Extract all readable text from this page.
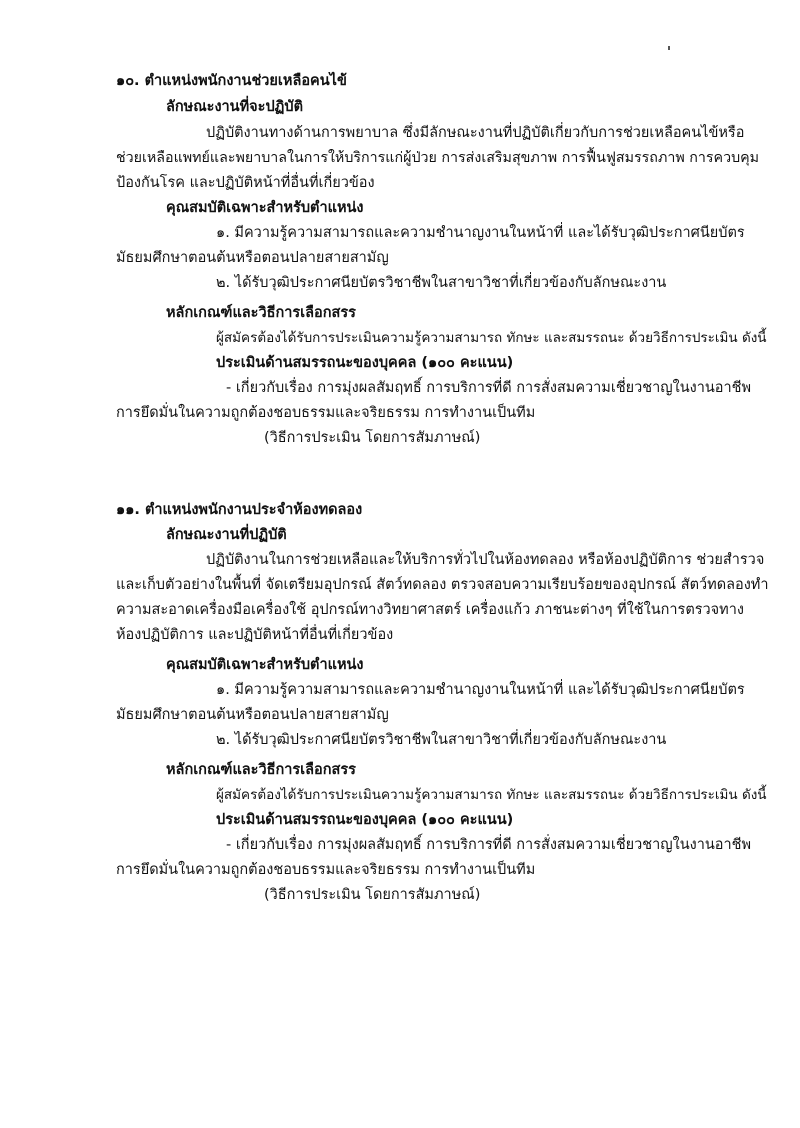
๑๐. ตำแหน่งพนักงานช่วยเหลือคนไข้
ลักษณะงานที่จะปฏิบัติ
ปฏิบัติงานทางด้านการพยาบาล ซึ่งมีลักษณะงานที่ปฏิบัติเกี่ยวกับการช่วยเหลือคนไข้หรือ
ช่วยเหลือแพทย์และพยาบาลในการให้บริการแก่ผู้ป่วย การส่งเสริมสุขภาพ การฟื้นฟูสมรรถภาพ การควบคุม
ป้องกันโรค และปฏิบัติหน้าที่อื่นที่เกี่ยวข้อง
คุณสมบัติเฉพาะสำหรับตำแหน่ง
๑. มีความรู้ความสามารถและความชำนาญงานในหน้าที่ และได้รับวุฒิประกาศนียบัตร
มัธยมศึกษาตอนต้นหรือตอนปลายสายสามัญ
๒. ได้รับวุฒิประกาศนียบัตรวิชาชีพในสาขาวิชาที่เกี่ยวข้องกับลักษณะงาน
หลักเกณฑ์และวิธีการเลือกสรร
ผู้สมัครต้องได้รับการประเมินความรู้ความสามารถ ทักษะ และสมรรถนะ ด้วยวิธีการประเมิน ดังนี้
ประเมินด้านสมรรถนะของบุคคล (๑๐๐ คะแนน)
- เกี่ยวกับเรื่อง การมุ่งผลสัมฤทธิ์ การบริการที่ดี การสั่งสมความเชี่ยวชาญในงานอาชีพ
การยึดมั่นในความถูกต้องชอบธรรมและจริยธรรม การทำงานเป็นทีม
(วิธีการประเมิน โดยการสัมภาษณ์)
๑๑. ตำแหน่งพนักงานประจำห้องทดลอง
ลักษณะงานที่ปฏิบัติ
ปฏิบัติงานในการช่วยเหลือและให้บริการทั่วไปในห้องทดลอง หรือห้องปฏิบัติการ ช่วยสำรวจ
และเก็บตัวอย่างในพื้นที่ จัดเตรียมอุปกรณ์ สัตว์ทดลอง ตรวจสอบความเรียบร้อยของอุปกรณ์ สัตว์ทดลองทำ
ความสะอาดเครื่องมือเครื่องใช้ อุปกรณ์ทางวิทยาศาสตร์ เครื่องแก้ว ภาชนะต่างๆ ที่ใช้ในการตรวจทาง
ห้องปฏิบัติการ และปฏิบัติหน้าที่อื่นที่เกี่ยวข้อง
คุณสมบัติเฉพาะสำหรับตำแหน่ง
๑. มีความรู้ความสามารถและความชำนาญงานในหน้าที่ และได้รับวุฒิประกาศนียบัตร
มัธยมศึกษาตอนต้นหรือตอนปลายสายสามัญ
๒. ได้รับวุฒิประกาศนียบัตรวิชาชีพในสาขาวิชาที่เกี่ยวข้องกับลักษณะงาน
หลักเกณฑ์และวิธีการเลือกสรร
ผู้สมัครต้องได้รับการประเมินความรู้ความสามารถ ทักษะ และสมรรถนะ ด้วยวิธีการประเมิน ดังนี้
ประเมินด้านสมรรถนะของบุคคล (๑๐๐ คะแนน)
- เกี่ยวกับเรื่อง การมุ่งผลสัมฤทธิ์ การบริการที่ดี การสั่งสมความเชี่ยวชาญในงานอาชีพ
การยึดมั่นในความถูกต้องชอบธรรมและจริยธรรม การทำงานเป็นทีม
(วิธีการประเมิน โดยการสัมภาษณ์)
